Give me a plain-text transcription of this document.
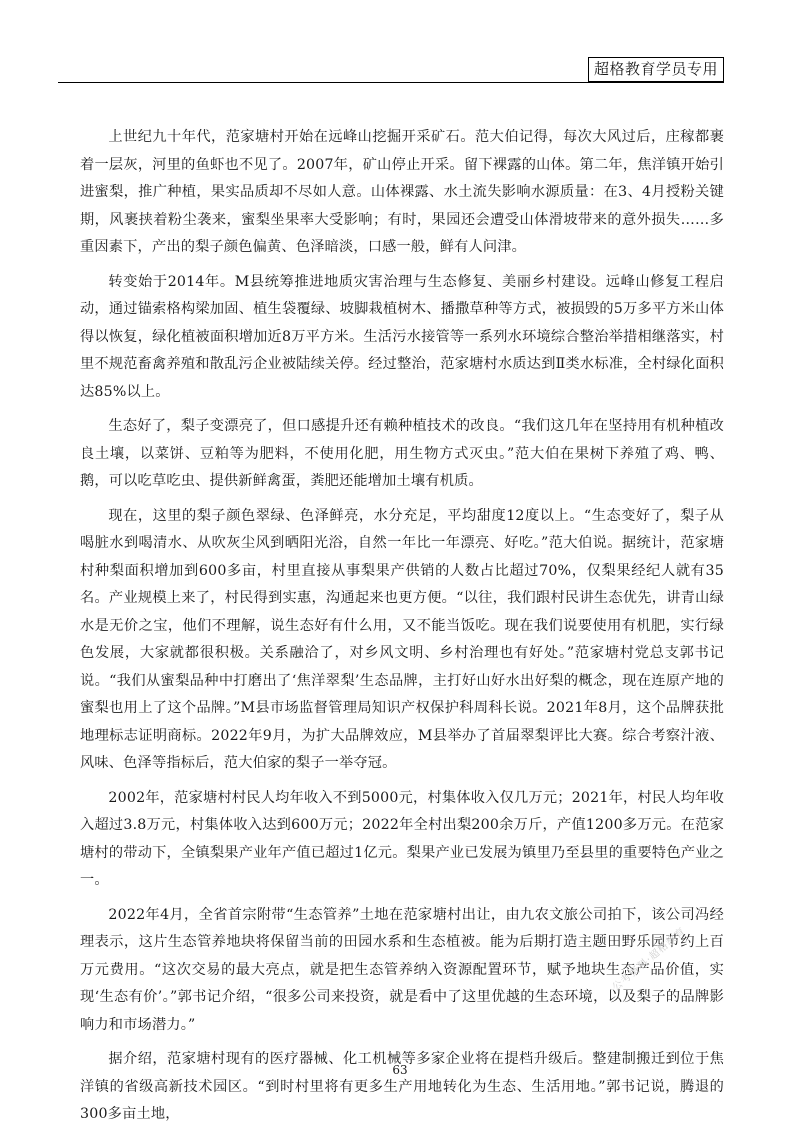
超格教育学员专用

上世纪九十年代，范家塘村开始在远峰山挖掘开采矿石。范大伯记得，每次大风过后，庄稼都裹着一层灰，河里的鱼虾也不见了。2007年，矿山停止开采。留下裸露的山体。第二年，焦洋镇开始引进蜜梨，推广种植，果实品质却不尽如人意。山体裸露、水土流失影响水源质量：在3、4月授粉关键期，风裹挟着粉尘袭来，蜜梨坐果率大受影响；有时，果园还会遭受山体滑坡带来的意外损失……多重因素下，产出的梨子颜色偏黄、色泽暗淡，口感一般，鲜有人问津。

转变始于2014年。M县统筹推进地质灾害治理与生态修复、美丽乡村建设。远峰山修复工程启动，通过锚索格构梁加固、植生袋覆绿、坡脚栽植树木、播撒草种等方式，被损毁的5万多平方米山体得以恢复，绿化植被面积增加近8万平方米。生活污水接管等一系列水环境综合整治举措相继落实，村里不规范畜禽养殖和散乱污企业被陆续关停。经过整治，范家塘村水质达到Ⅱ类水标准，全村绿化面积达85%以上。

生态好了，梨子变漂亮了，但口感提升还有赖种植技术的改良。“我们这几年在坚持用有机种植改良土壤，以菜饼、豆粕等为肥料，不使用化肥，用生物方式灭虫。”范大伯在果树下养殖了鸡、鸭、鹅，可以吃草吃虫、提供新鲜禽蛋，粪肥还能增加土壤有机质。

现在，这里的梨子颜色翠绿、色泽鲜亮，水分充足，平均甜度12度以上。“生态变好了，梨子从喝脏水到喝清水、从吹灰尘风到晒阳光浴，自然一年比一年漂亮、好吃。”范大伯说。据统计，范家塘村种梨面积增加到600多亩，村里直接从事梨果产供销的人数占比超过70%，仅梨果经纪人就有35名。产业规模上来了，村民得到实惠，沟通起来也更方便。“以往，我们跟村民讲生态优先，讲青山绿水是无价之宝，他们不理解，说生态好有什么用，又不能当饭吃。现在我们说要使用有机肥，实行绿色发展，大家就都很积极。关系融洽了，对乡风文明、乡村治理也有好处。”范家塘村党总支郭书记说。“我们从蜜梨品种中打磨出了‘焦洋翠梨’生态品牌，主打好山好水出好梨的概念，现在连原产地的蜜梨也用上了这个品牌。”M县市场监督管理局知识产权保护科周科长说。2021年8月，这个品牌获批地理标志证明商标。2022年9月，为扩大品牌效应，M县举办了首届翠梨评比大赛。综合考察汁液、风味、色泽等指标后，范大伯家的梨子一举夺冠。

2002年，范家塘村村民人均年收入不到5000元，村集体收入仅几万元；2021年，村民人均年收入超过3.8万元，村集体收入达到600万元；2022年全村出梨200余万斤，产值1200多万元。在范家塘村的带动下，全镇梨果产业年产值已超过1亿元。梨果产业已发展为镇里乃至县里的重要特色产业之一。

2022年4月，全省首宗附带“生态管养”土地在范家塘村出让，由九农文旅公司拍下，该公司冯经理表示，这片生态管养地块将保留当前的田园水系和生态植被。能为后期打造主题田野乐园节约上百万元费用。“这次交易的最大亮点，就是把生态管养纳入资源配置环节，赋予地块生态产品价值，实现‘生态有价’。”郭书记介绍，“很多公司来投资，就是看中了这里优越的生态环境，以及梨子的品牌影响力和市场潜力。”

据介绍，范家塘村现有的医疗器械、化工机械等多家企业将在提档升级后。整建制搬迁到位于焦洋镇的省级高新技术园区。“到时村里将有更多生产用地转化为生态、生活用地。”郭书记说，腾退的300多亩土地，

公考资料·超格教育
63
